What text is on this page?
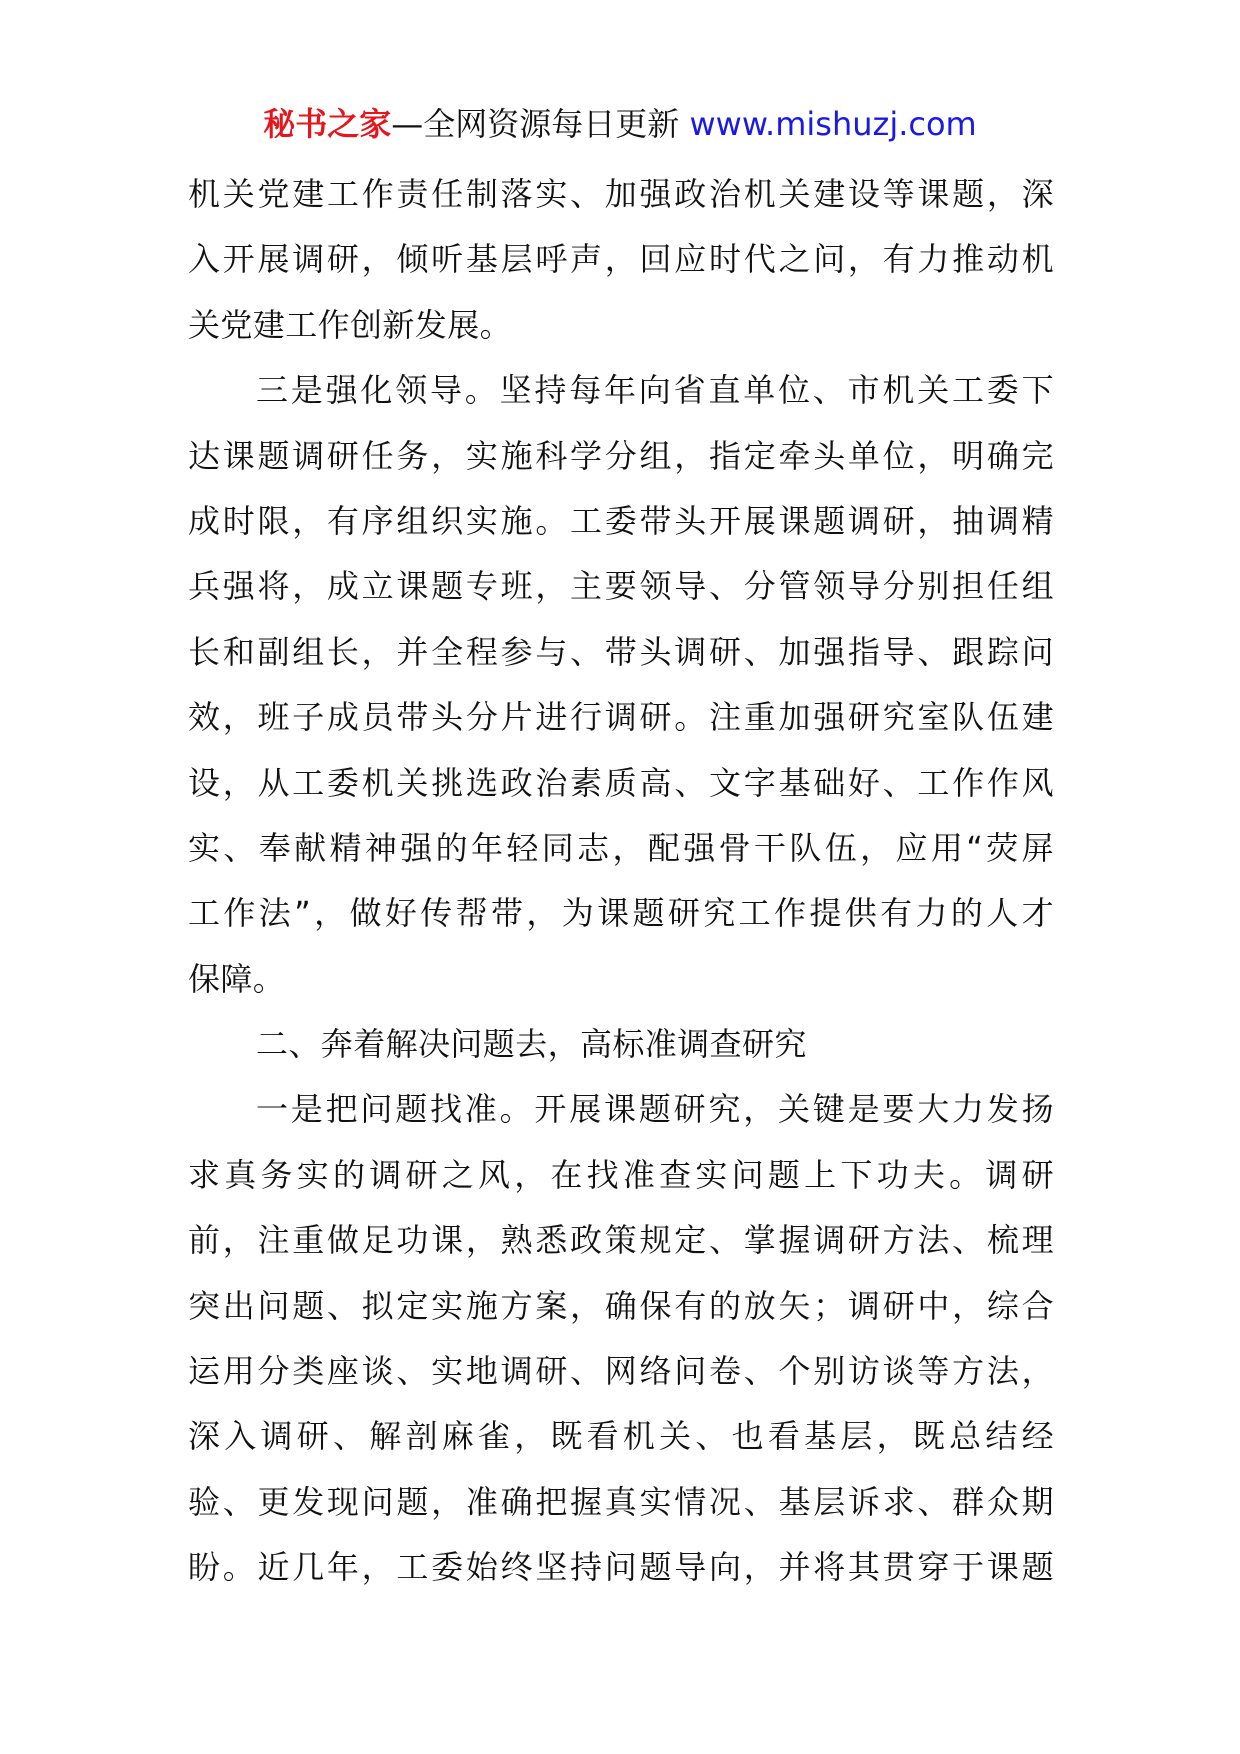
秘书之家—全网资源每日更新 www.mishuzj.com
机关党建工作责任制落实、加强政治机关建设等课题，深
入开展调研，倾听基层呼声，回应时代之问，有力推动机
关党建工作创新发展。
三是强化领导。坚持每年向省直单位、市机关工委下
达课题调研任务，实施科学分组，指定牵头单位，明确完
成时限，有序组织实施。工委带头开展课题调研，抽调精
兵强将，成立课题专班，主要领导、分管领导分别担任组
长和副组长，并全程参与、带头调研、加强指导、跟踪问
效，班子成员带头分片进行调研。注重加强研究室队伍建
设，从工委机关挑选政治素质高、文字基础好、工作作风
实、奉献精神强的年轻同志，配强骨干队伍，应用“荧屏
工作法”，做好传帮带，为课题研究工作提供有力的人才
保障。
二、奔着解决问题去，高标准调查研究
一是把问题找准。开展课题研究，关键是要大力发扬
求真务实的调研之风，在找准查实问题上下功夫。调研
前，注重做足功课，熟悉政策规定、掌握调研方法、梳理
突出问题、拟定实施方案，确保有的放矢；调研中，综合
运用分类座谈、实地调研、网络问卷、个别访谈等方法，
深入调研、解剖麻雀，既看机关、也看基层，既总结经
验、更发现问题，准确把握真实情况、基层诉求、群众期
盼。近几年，工委始终坚持问题导向，并将其贯穿于课题
